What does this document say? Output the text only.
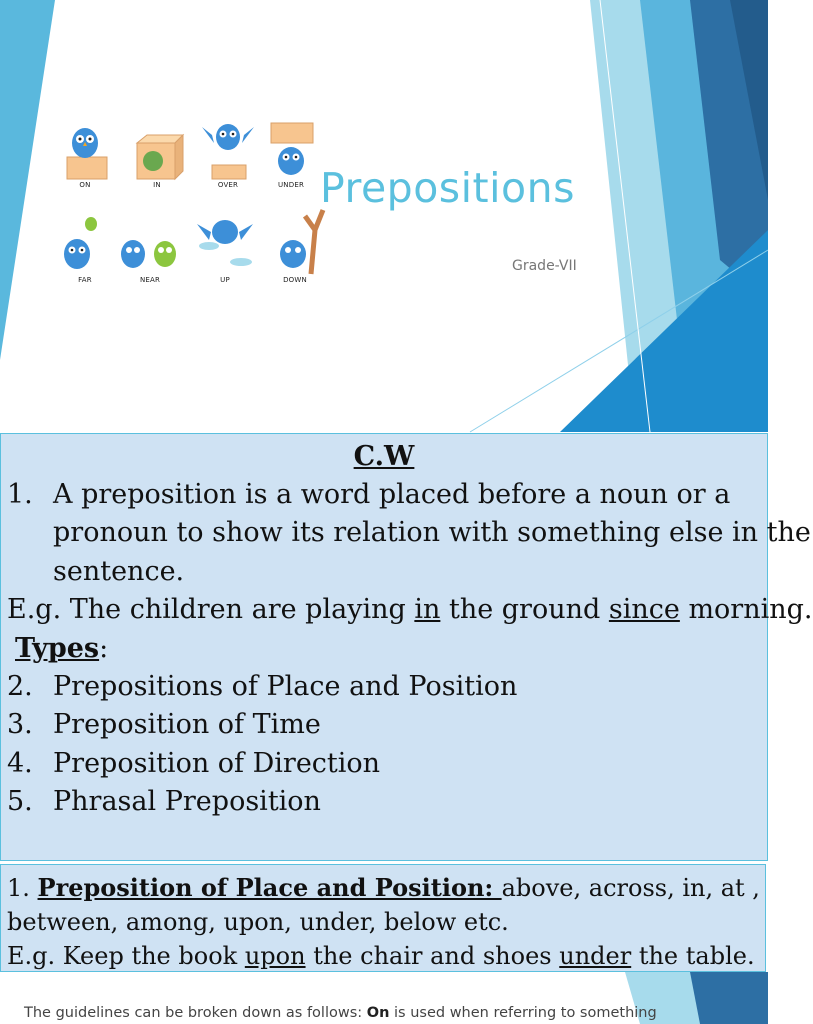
ON	IN	OVER	UNDER
FAR	NEAR	UP	DOWN
Prepositions
Grade-VII
C.W
1. A preposition is a word placed before a noun or a
pronoun to show its relation with something else in the
sentence.
E.g. The children are playing in the ground since morning.
Types:
2. Prepositions of Place and Position
3. Preposition of Time
4. Preposition of Direction
5. Phrasal Preposition
1. Preposition of Place and Position: above, across, in, at ,
between, among, upon, under, below etc.
E.g. Keep the book upon the chair and shoes under the table.
The guidelines can be broken down as follows: On is used when referring to something
